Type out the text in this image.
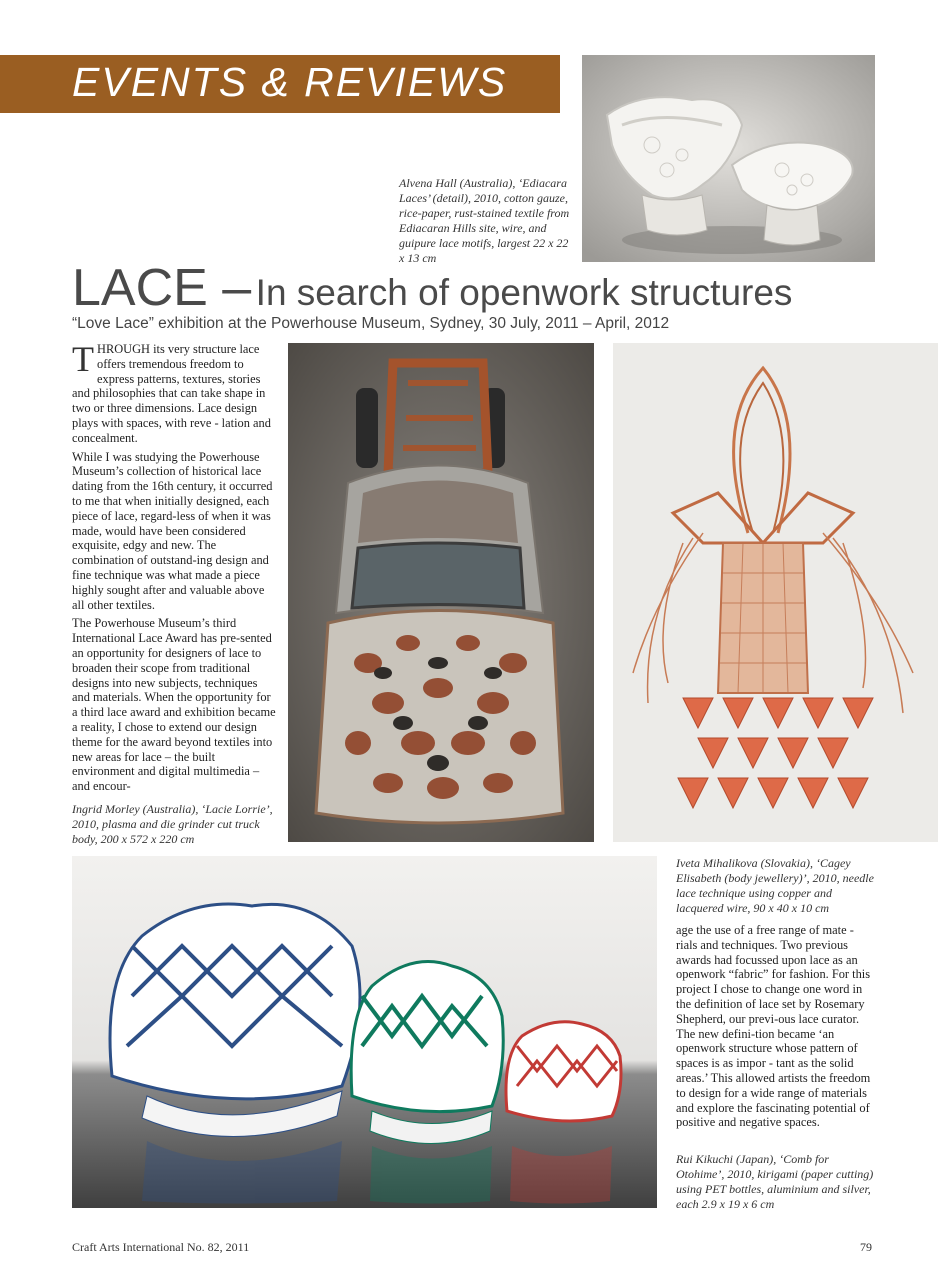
EVENTS & REVIEWS
Alvena Hall (Australia), ‘Ediacara Laces’ (detail), 2010, cotton gauze, rice-paper, rust-stained textile from Ediacaran Hills site, wire, and guipure lace motifs, largest 22 x 22 x 13 cm
LACE – In search of openwork structures
“Love Lace” exhibition at the Powerhouse Museum, Sydney, 30 July, 2011 – April, 2012

THROUGH its very structure lace offers tremendous freedom to express patterns, textures, stories and philosophies that can take shape in two or three dimensions. Lace design plays with spaces, with reve - lation and concealment.

While I was studying the Powerhouse Museum’s collection of historical lace dating from the 16th century, it occurred to me that when initially designed, each piece of lace, regard-less of when it was made, would have been considered exquisite, edgy and new. The combination of outstand-ing design and fine technique was what made a piece highly sought after and valuable above all other textiles.

The Powerhouse Museum’s third International Lace Award has pre-sented an opportunity for designers of lace to broaden their scope from traditional designs into new subjects, techniques and materials. When the opportunity for a third lace award and exhibition became a reality, I chose to extend our design theme for the award beyond textiles into new areas for lace – the built environment and digital multimedia – and encour-

Ingrid Morley (Australia), ‘Lacie Lorrie’, 2010, plasma and die grinder cut truck body, 200 x 572 x 220 cm
Iveta Mihalikova (Slovakia), ‘Cagey Elisabeth (body jewellery)’, 2010, needle lace technique using copper and lacquered wire, 90 x 40 x 10 cm

age the use of a free range of mate - rials and techniques. Two previous awards had focussed upon lace as an openwork “fabric” for fashion. For this project I chose to change one word in the definition of lace set by Rosemary Shepherd, our previ-ous lace curator. The new defini-tion became ‘an openwork structure whose pattern of spaces is as impor - tant as the solid areas.’ This allowed artists the freedom to design for a wide range of materials and explore the fascinating potential of positive and negative spaces.

Rui Kikuchi (Japan), ‘Comb for Otohime’, 2010, kirigami (paper cutting) using PET bottles, aluminium and silver, each 2.9 x 19 x 6 cm
Craft Arts International No. 82, 2011	79
